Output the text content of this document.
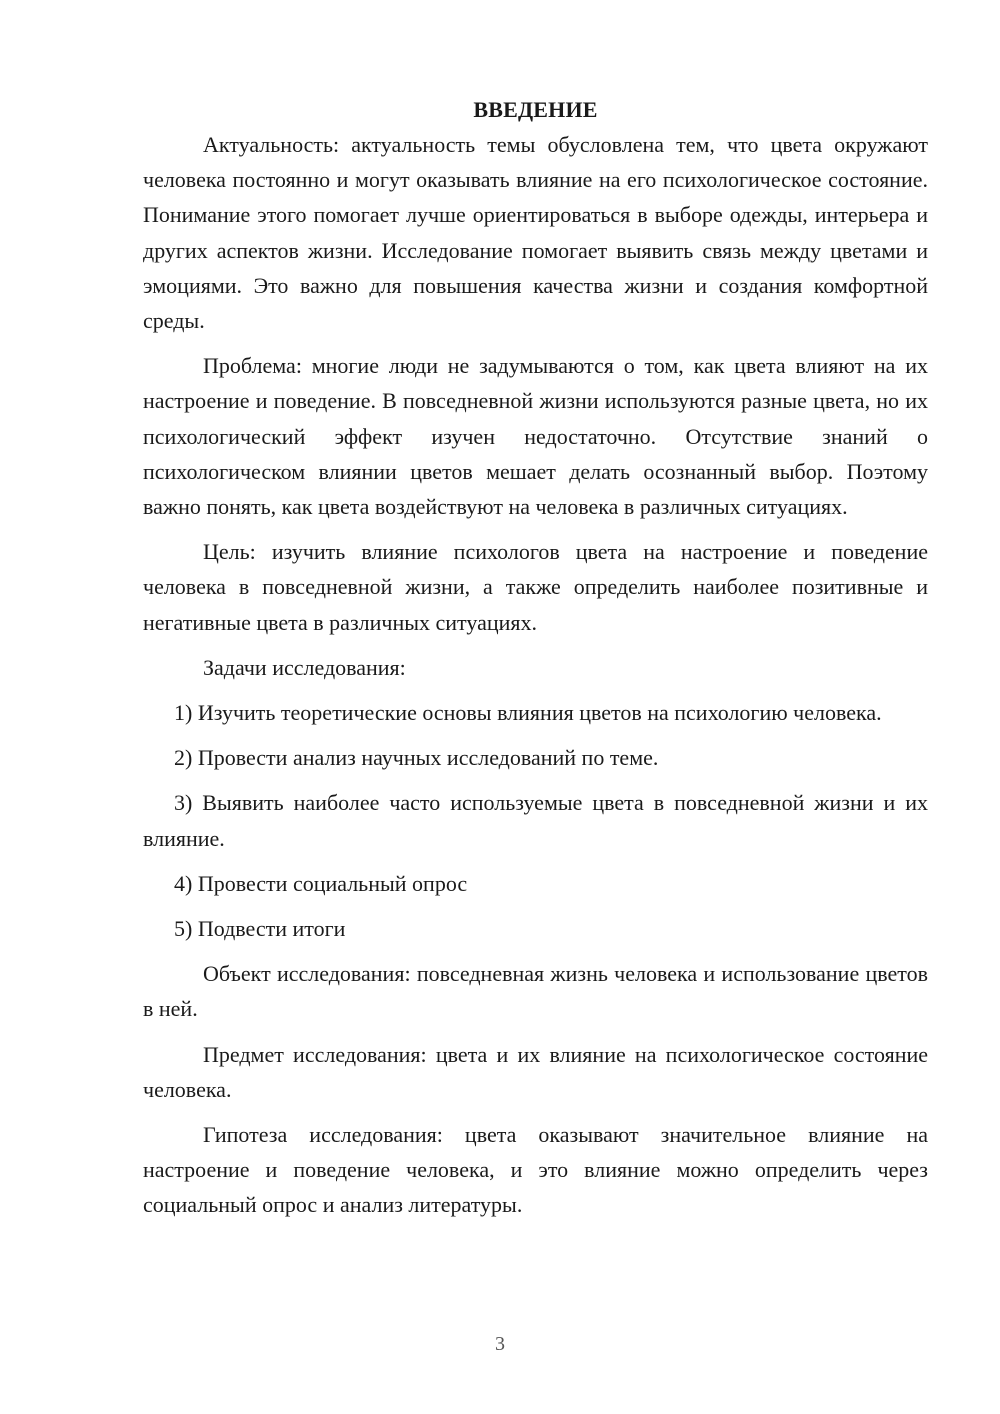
ВВЕДЕНИЕ

Актуальность: актуальность темы обусловлена тем, что цвета окружают человека постоянно и могут оказывать влияние на его психологическое состояние. Понимание этого помогает лучше ориентироваться в выборе одежды, интерьера и других аспектов жизни. Исследование помогает выявить связь между цветами и эмоциями. Это важно для повышения качества жизни и создания комфортной среды.

Проблема: многие люди не задумываются о том, как цвета влияют на их настроение и поведение. В повседневной жизни используются разные цвета, но их психологический эффект изучен недостаточно. Отсутствие знаний о психологическом влиянии цветов мешает делать осознанный выбор. Поэтому важно понять, как цвета воздействуют на человека в различных ситуациях.

Цель: изучить влияние психологов цвета на настроение и поведение человека в повседневной жизни, а также определить наиболее позитивные и негативные цвета в различных ситуациях.

Задачи исследования:

1) Изучить теоретические основы влияния цветов на психологию человека.

2) Провести анализ научных исследований по теме.

3) Выявить наиболее часто используемые цвета в повседневной жизни и их влияние.

4) Провести социальный опрос

5) Подвести итоги

Объект исследования: повседневная жизнь человека и использование цветов в ней.

Предмет исследования: цвета и их влияние на психологическое состояние человека.

Гипотеза исследования: цвета оказывают значительное влияние на настроение и поведение человека, и это влияние можно определить через социальный опрос и анализ литературы.

3
